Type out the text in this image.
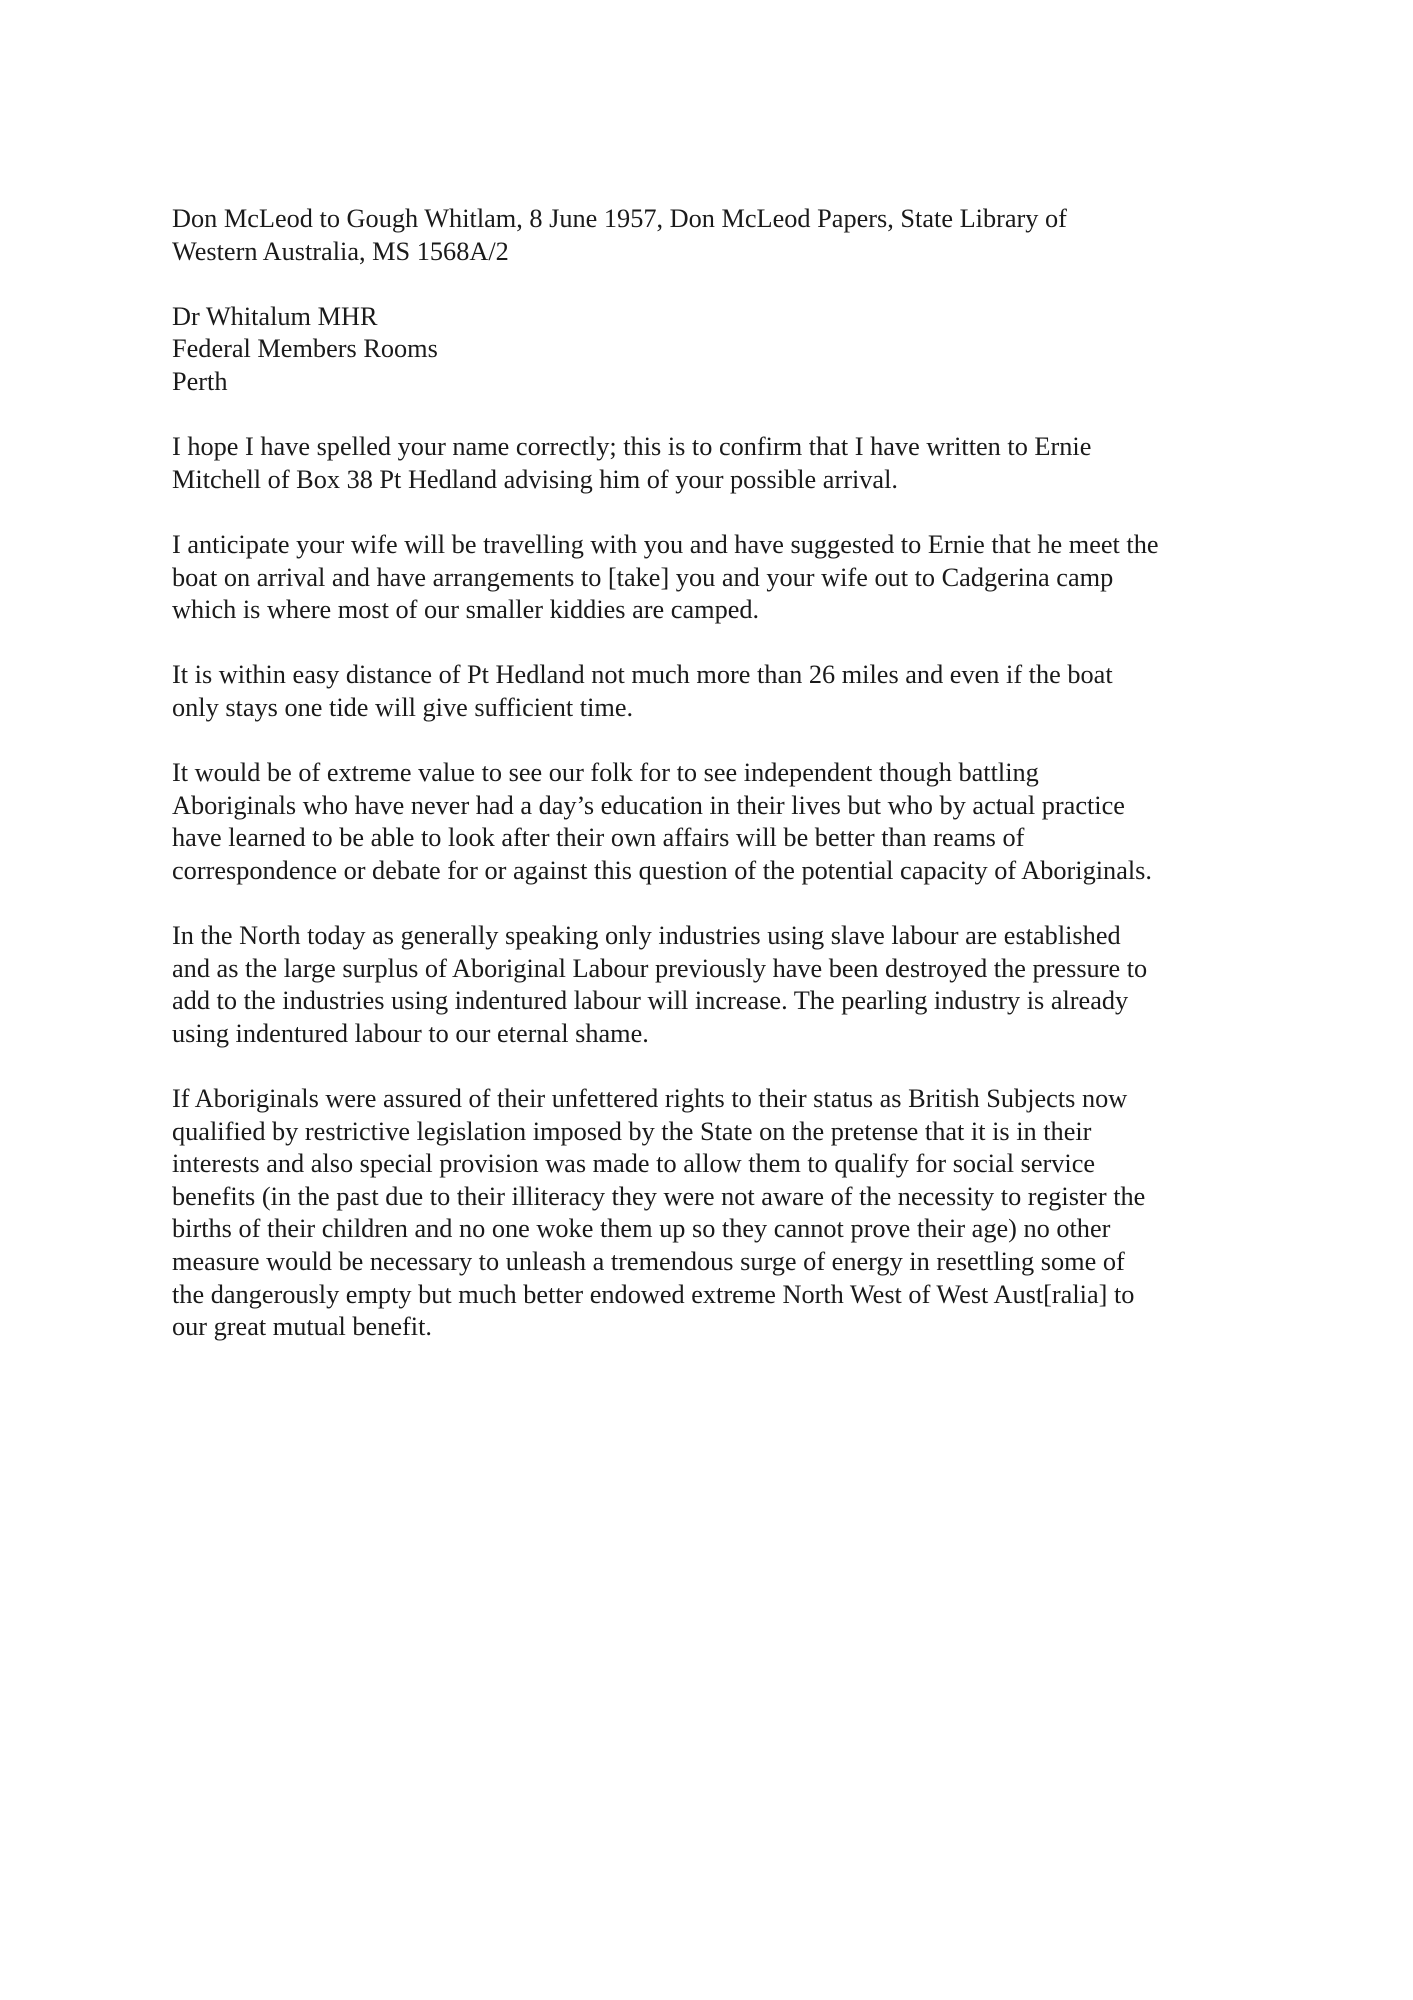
Don McLeod to Gough Whitlam, 8 June 1957, Don McLeod Papers, State Library of
Western Australia, MS 1568A/2
Dr Whitalum MHR
Federal Members Rooms
Perth
I hope I have spelled your name correctly; this is to confirm that I have written to Ernie
Mitchell of Box 38 Pt Hedland advising him of your possible arrival.
I anticipate your wife will be travelling with you and have suggested to Ernie that he meet the
boat on arrival and have arrangements to [take] you and your wife out to Cadgerina camp
which is where most of our smaller kiddies are camped.
It is within easy distance of Pt Hedland not much more than 26 miles and even if the boat
only stays one tide will give sufficient time.
It would be of extreme value to see our folk for to see independent though battling
Aboriginals who have never had a day’s education in their lives but who by actual practice
have learned to be able to look after their own affairs will be better than reams of
correspondence or debate for or against this question of the potential capacity of Aboriginals.
In the North today as generally speaking only industries using slave labour are established
and as the large surplus of Aboriginal Labour previously have been destroyed the pressure to
add to the industries using indentured labour will increase. The pearling industry is already
using indentured labour to our eternal shame.
If Aboriginals were assured of their unfettered rights to their status as British Subjects now
qualified by restrictive legislation imposed by the State on the pretense that it is in their
interests and also special provision was made to allow them to qualify for social service
benefits (in the past due to their illiteracy they were not aware of the necessity to register the
births of their children and no one woke them up so they cannot prove their age) no other
measure would be necessary to unleash a tremendous surge of energy in resettling some of
the dangerously empty but much better endowed extreme North West of West Aust[ralia] to
our great mutual benefit.
